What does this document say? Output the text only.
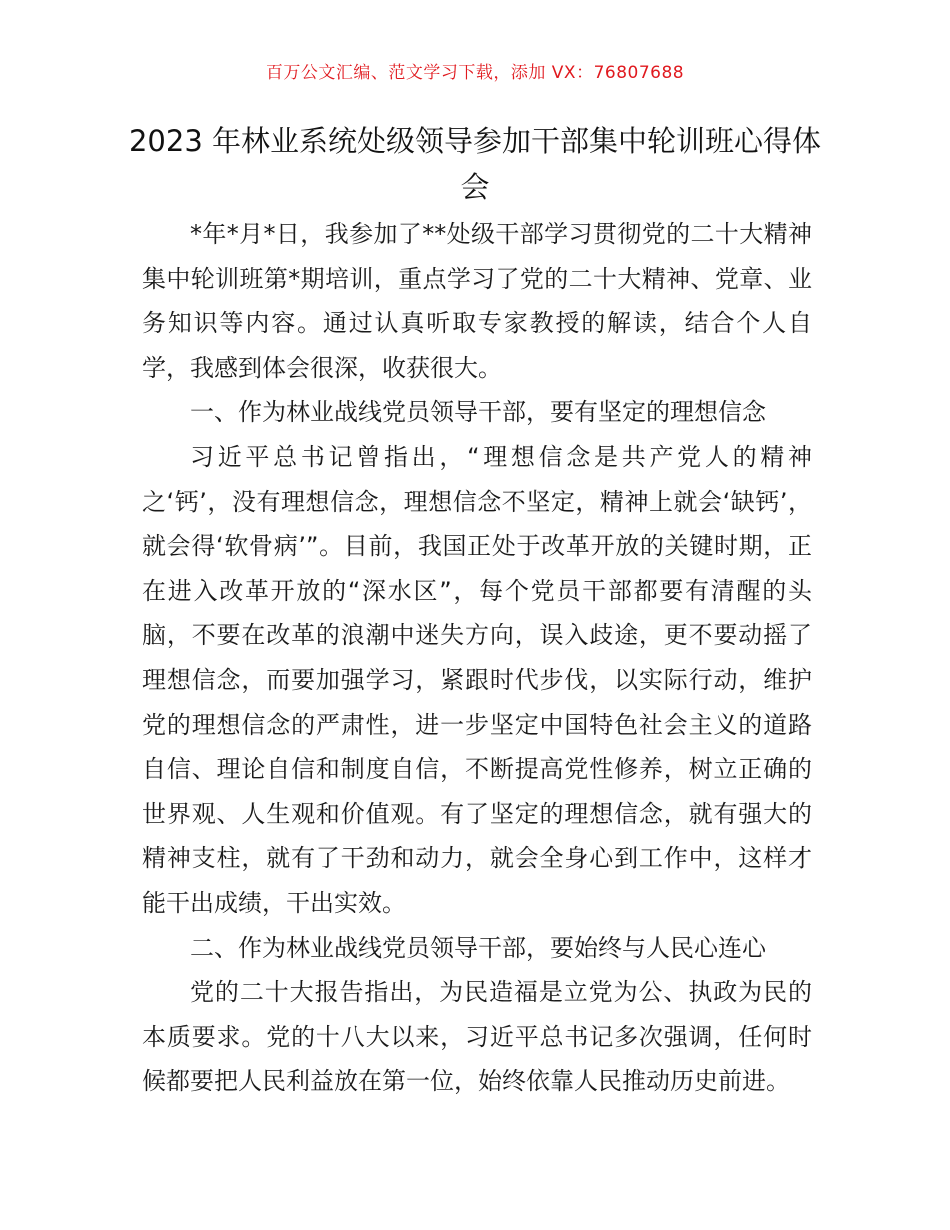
百万公文汇编、范文学习下载，添加 VX：76807688
2023 年林业系统处级领导参加干部集中轮训班心得体会

*年*月*日，我参加了**处级干部学习贯彻党的二十大精神集中轮训班第*期培训，重点学习了党的二十大精神、党章、业务知识等内容。通过认真听取专家教授的解读，结合个人自学，我感到体会很深，收获很大。

一、作为林业战线党员领导干部，要有坚定的理想信念

习近平总书记曾指出，“理想信念是共产党人的精神之‘钙’，没有理想信念，理想信念不坚定，精神上就会‘缺钙’，就会得‘软骨病’”。目前，我国正处于改革开放的关键时期，正在进入改革开放的“深水区”，每个党员干部都要有清醒的头脑，不要在改革的浪潮中迷失方向，误入歧途，更不要动摇了理想信念，而要加强学习，紧跟时代步伐，以实际行动，维护党的理想信念的严肃性，进一步坚定中国特色社会主义的道路自信、理论自信和制度自信，不断提高党性修养，树立正确的世界观、人生观和价值观。有了坚定的理想信念，就有强大的精神支柱，就有了干劲和动力，就会全身心到工作中，这样才能干出成绩，干出实效。

二、作为林业战线党员领导干部，要始终与人民心连心

党的二十大报告指出，为民造福是立党为公、执政为民的本质要求。党的十八大以来，习近平总书记多次强调，任何时候都要把人民利益放在第一位，始终依靠人民推动历史前进。
